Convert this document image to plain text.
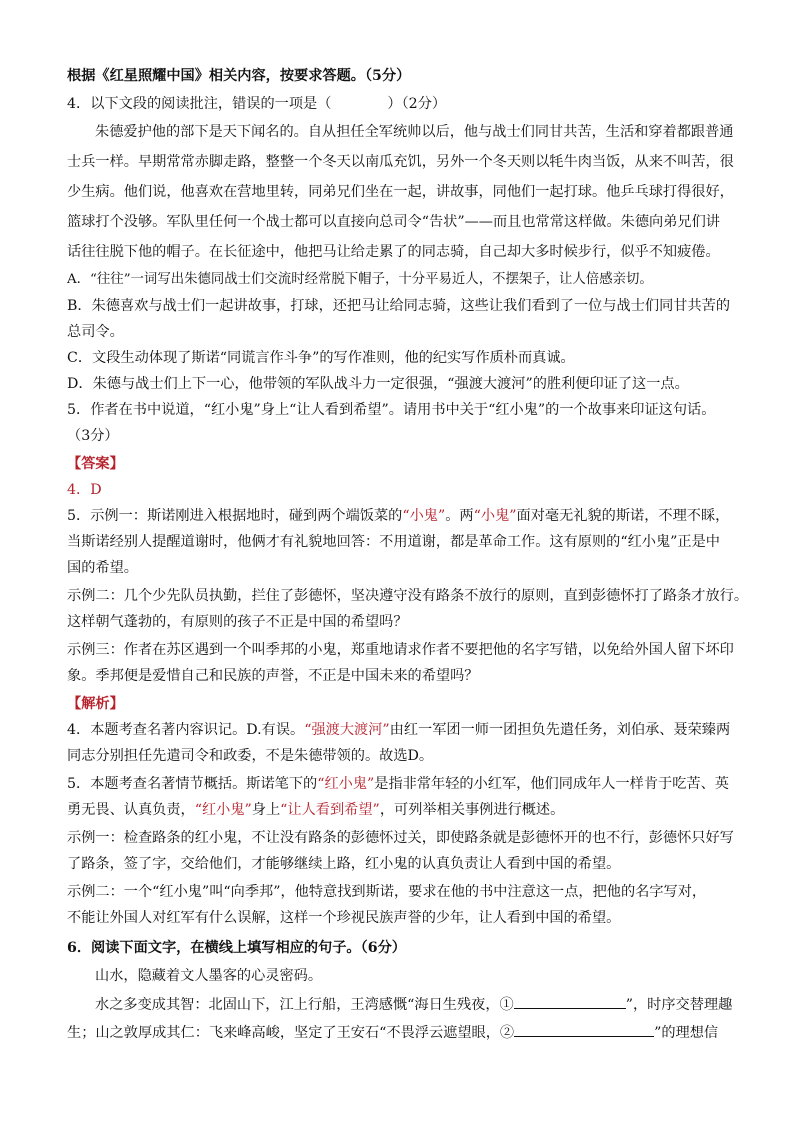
根据《红星照耀中国》相关内容，按要求答题。（5分）
4．以下文段的阅读批注，错误的一项是（	）（2分）
朱德爱护他的部下是天下闻名的。自从担任全军统帅以后，他与战士们同甘共苦，生活和穿着都跟普通
士兵一样。早期常常赤脚走路，整整一个冬天以南瓜充饥，另外一个冬天则以牦牛肉当饭，从来不叫苦，很
少生病。他们说，他喜欢在营地里转，同弟兄们坐在一起，讲故事，同他们一起打球。他乒乓球打得很好，
篮球打个没够。军队里任何一个战士都可以直接向总司令“告状”——而且也常常这样做。朱德向弟兄们讲
话往往脱下他的帽子。在长征途中，他把马让给走累了的同志骑，自己却大多时候步行，似乎不知疲倦。
A．“往往”一词写出朱德同战士们交流时经常脱下帽子，十分平易近人，不摆架子，让人倍感亲切。
B．朱德喜欢与战士们一起讲故事，打球，还把马让给同志骑，这些让我们看到了一位与战士们同甘共苦的
总司令。
C．文段生动体现了斯诺“同谎言作斗争”的写作准则，他的纪实写作质朴而真诚。
D．朱德与战士们上下一心，他带领的军队战斗力一定很强，“强渡大渡河”的胜利便印证了这一点。
5．作者在书中说道，“红小鬼”身上“让人看到希望”。请用书中关于“红小鬼”的一个故事来印证这句话。
（3分）
【答案】
4．D
5．示例一：斯诺刚进入根据地时，碰到两个端饭菜的“小鬼”。两“小鬼”面对毫无礼貌的斯诺，不理不睬，
当斯诺经别人提醒道谢时，他俩才有礼貌地回答：不用道谢，都是革命工作。这有原则的“红小鬼”正是中
国的希望。
示例二：几个少先队员执勤，拦住了彭德怀，坚决遵守没有路条不放行的原则，直到彭德怀打了路条才放行。
这样朝气蓬勃的，有原则的孩子不正是中国的希望吗？
示例三：作者在苏区遇到一个叫季邦的小鬼，郑重地请求作者不要把他的名字写错，以免给外国人留下坏印
象。季邦便是爱惜自己和民族的声誉，不正是中国未来的希望吗？
【解析】
4．本题考查名著内容识记。D.有误。“强渡大渡河”由红一军团一师一团担负先遣任务，刘伯承、聂荣臻两
同志分别担任先遣司令和政委，不是朱德带领的。故选D。
5．本题考查名著情节概括。斯诺笔下的“红小鬼”是指非常年轻的小红军，他们同成年人一样肯于吃苦、英
勇无畏、认真负责，“红小鬼”身上“让人看到希望”，可列举相关事例进行概述。
示例一：检查路条的红小鬼，不让没有路条的彭德怀过关，即使路条就是彭德怀开的也不行，彭德怀只好写
了路条，签了字，交给他们，才能够继续上路，红小鬼的认真负责让人看到中国的希望。
示例二：一个“红小鬼”叫“向季邦”，他特意找到斯诺，要求在他的书中注意这一点，把他的名字写对，
不能让外国人对红军有什么误解，这样一个珍视民族声誉的少年，让人看到中国的希望。
6．阅读下面文字，在横线上填写相应的句子。（6分）
山水，隐藏着文人墨客的心灵密码。
水之多变成其智：北固山下，江上行船，王湾感慨“海日生残夜，①	”，时序交替理趣
生；山之敦厚成其仁：飞来峰高峻，坚定了王安石“不畏浮云遮望眼，②	”的理想信
